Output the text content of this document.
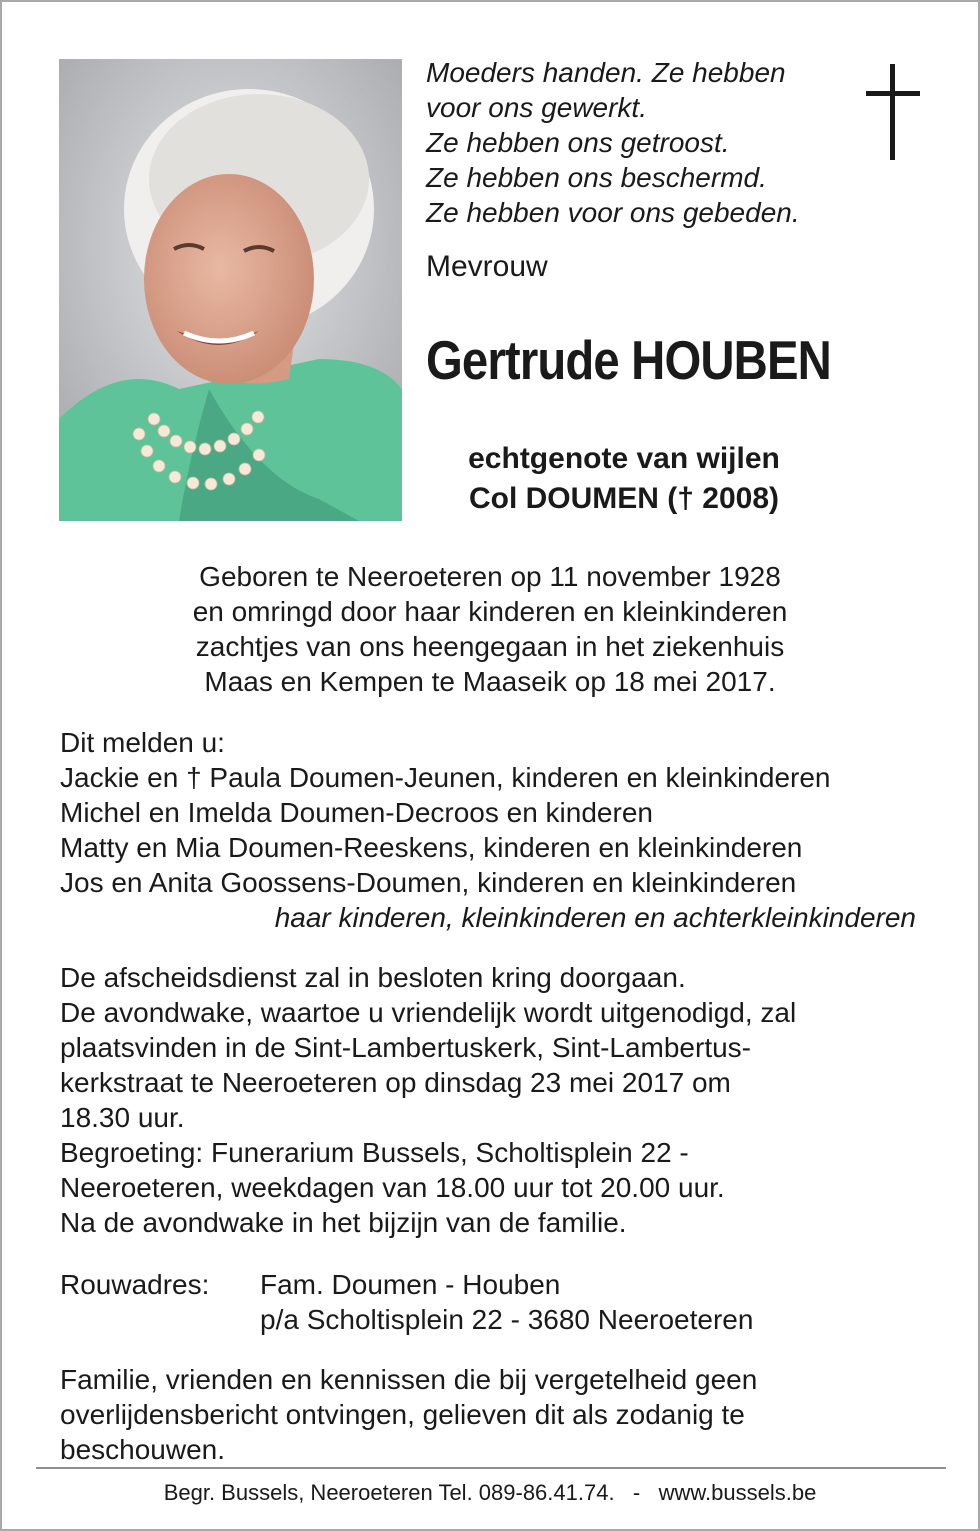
Moeders handen. Ze hebben
voor ons gewerkt.
Ze hebben ons getroost.
Ze hebben ons beschermd.
Ze hebben voor ons gebeden.
Mevrouw
Gertrude HOUBEN
echtgenote van wijlen
Col DOUMEN († 2008)
Geboren te Neeroeteren op 11 november 1928
en omringd door haar kinderen en kleinkinderen
zachtjes van ons heengegaan in het ziekenhuis
Maas en Kempen te Maaseik op 18 mei 2017.
Dit melden u:
Jackie en † Paula Doumen-Jeunen, kinderen en kleinkinderen
Michel en Imelda Doumen-Decroos en kinderen
Matty en Mia Doumen-Reeskens, kinderen en kleinkinderen
Jos en Anita Goossens-Doumen, kinderen en kleinkinderen
haar kinderen, kleinkinderen en achterkleinkinderen
De afscheidsdienst zal in besloten kring doorgaan.
De avondwake, waartoe u vriendelijk wordt uitgenodigd, zal
plaatsvinden in de Sint-Lambertuskerk, Sint-Lambertus-
kerkstraat te Neeroeteren op dinsdag 23 mei 2017 om
18.30 uur.
Begroeting: Funerarium Bussels, Scholtisplein 22 -
Neeroeteren, weekdagen van 18.00 uur tot 20.00 uur.
Na de avondwake in het bijzijn van de familie.
Rouwadres: Fam. Doumen - Houben
p/a Scholtisplein 22 - 3680 Neeroeteren
Familie, vrienden en kennissen die bij vergetelheid geen
overlijdensbericht ontvingen, gelieven dit als zodanig te
beschouwen.
Begr. Bussels, Neeroeteren Tel. 089-86.41.74.   -   www.bussels.be
